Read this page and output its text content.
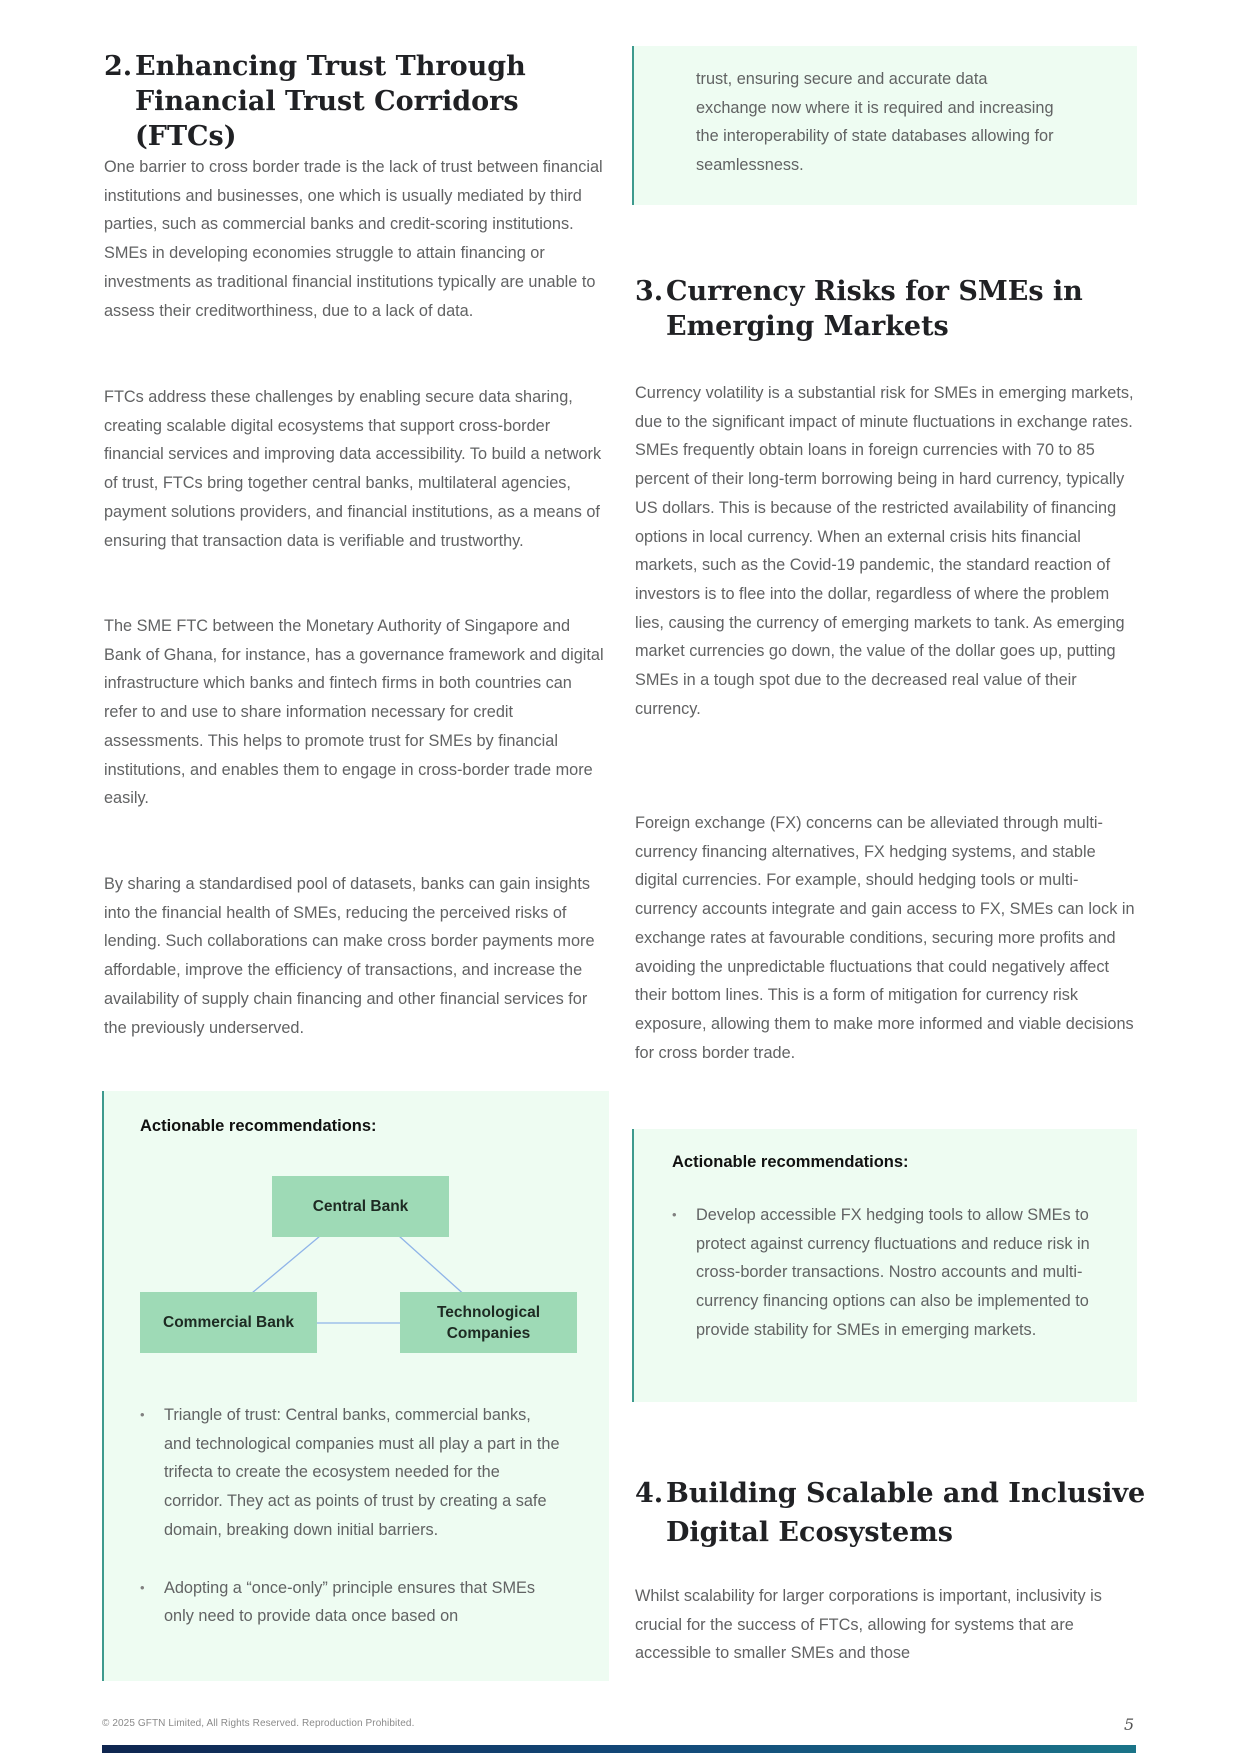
2. Enhancing Trust Through
Financial Trust Corridors (FTCs)

One barrier to cross border trade is the lack of trust between financial institutions and businesses, one which is usually mediated by third parties, such as commercial banks and credit-scoring institutions. SMEs in developing economies struggle to attain financing or investments as traditional financial institutions typically are unable to assess their creditworthiness, due to a lack of data.

FTCs address these challenges by enabling secure data sharing, creating scalable digital ecosystems that support cross-border financial services and improving data accessibility. To build a network of trust, FTCs bring together central banks, multilateral agencies, payment solutions providers, and financial institutions, as a means of ensuring that transaction data is verifiable and trustworthy.

The SME FTC between the Monetary Authority of Singapore and Bank of Ghana, for instance, has a governance framework and digital infrastructure which banks and fintech firms in both countries can refer to and use to share information necessary for credit assessments. This helps to promote trust for SMEs by financial institutions, and enables them to engage in cross-border trade more easily.

By sharing a standardised pool of datasets, banks can gain insights into the financial health of SMEs, reducing the perceived risks of lending. Such collaborations can make cross border payments more affordable, improve the efficiency of transactions, and increase the availability of supply chain financing and other financial services for the previously underserved.

Actionable recommendations:

Central Bank
Commercial Bank
Technological
Companies
• Triangle of trust: Central banks, commercial banks, and technological companies must all play a part in the trifecta to create the ecosystem needed for the corridor. They act as points of trust by creating a safe domain, breaking down initial barriers.
• Adopting a “once-only” principle ensures that SMEs only need to provide data once based on

trust, ensuring secure and accurate data exchange now where it is required and increasing the interoperability of state databases allowing for seamlessness.

3. Currency Risks for SMEs in
Emerging Markets

Currency volatility is a substantial risk for SMEs in emerging markets, due to the significant impact of minute fluctuations in exchange rates. SMEs frequently obtain loans in foreign currencies with 70 to 85 percent of their long-term borrowing being in hard currency, typically US dollars. This is because of the restricted availability of financing options in local currency. When an external crisis hits financial markets, such as the Covid-19 pandemic, the standard reaction of investors is to flee into the dollar, regardless of where the problem lies, causing the currency of emerging markets to tank. As emerging market currencies go down, the value of the dollar goes up, putting SMEs in a tough spot due to the decreased real value of their currency.

Foreign exchange (FX) concerns can be alleviated through multi-currency financing alternatives, FX hedging systems, and stable digital currencies. For example, should hedging tools or multi-currency accounts integrate and gain access to FX, SMEs can lock in exchange rates at favourable conditions, securing more profits and avoiding the unpredictable fluctuations that could negatively affect their bottom lines. This is a form of mitigation for currency risk exposure, allowing them to make more informed and viable decisions for cross border trade.

Actionable recommendations:

• Develop accessible FX hedging tools to allow SMEs to protect against currency fluctuations and reduce risk in cross-border transactions. Nostro accounts and multi-currency financing options can also be implemented to provide stability for SMEs in emerging markets.
4. Building Scalable and Inclusive
Digital Ecosystems

Whilst scalability for larger corporations is important, inclusivity is crucial for the success of FTCs, allowing for systems that are accessible to smaller SMEs and those

© 2025 GFTN Limited, All Rights Reserved. Reproduction Prohibited.	5
